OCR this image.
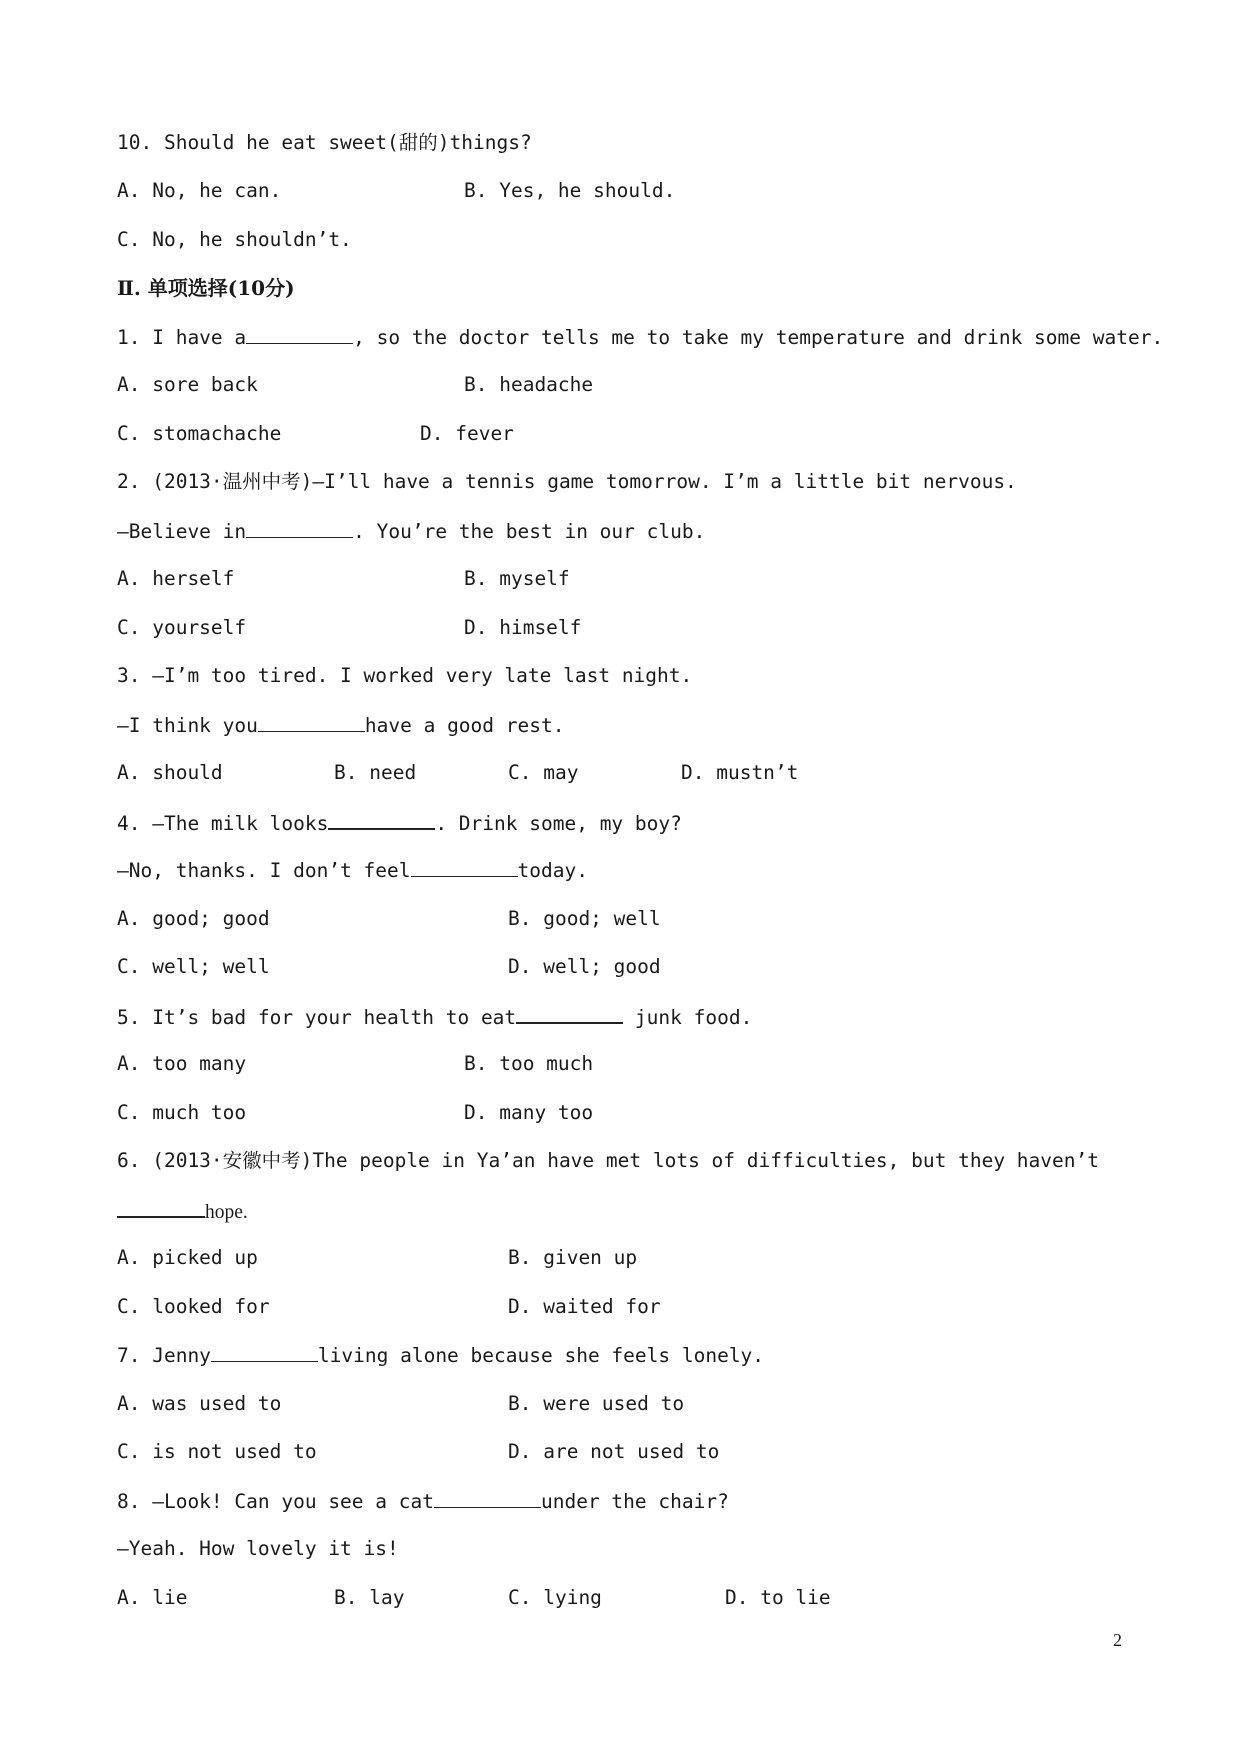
10. Should he eat sweet(甜的)things?
A. No, he can.	B. Yes, he should.
C. No, he shouldn’t.
Ⅱ. 单项选择(10分)
1. I have a	, so the doctor tells me to take my temperature and drink some water.
A. sore back	B. headache
C. stomachache	D. fever
2. (2013·温州中考)—I’ll have a tennis game tomorrow. I’m a little bit nervous.
—Believe in	. You’re the best in our club.
A. herself	B. myself
C. yourself	D. himself
3. —I’m too tired. I worked very late last night.
—I think you	have a good rest.
A. should	B. need	C. may	D. mustn’t
4. —The milk looks	. Drink some, my boy?
—No, thanks. I don’t feel	today.
A. good; good	B. good; well
C. well; well	D. well; good
5. It’s bad for your health to eat	junk food.
A. too many	B. too much
C. much too	D. many too
6. (2013·安徽中考)The people in Ya’an have met lots of difficulties, but they haven’t
hope.
A. picked up	B. given up
C. looked for	D. waited for
7. Jenny	living alone because she feels lonely.
A. was used to	B. were used to
C. is not used to	D. are not used to
8. —Look! Can you see a cat	under the chair?
—Yeah. How lovely it is!
A. lie	B. lay	C. lying	D. to lie
2
